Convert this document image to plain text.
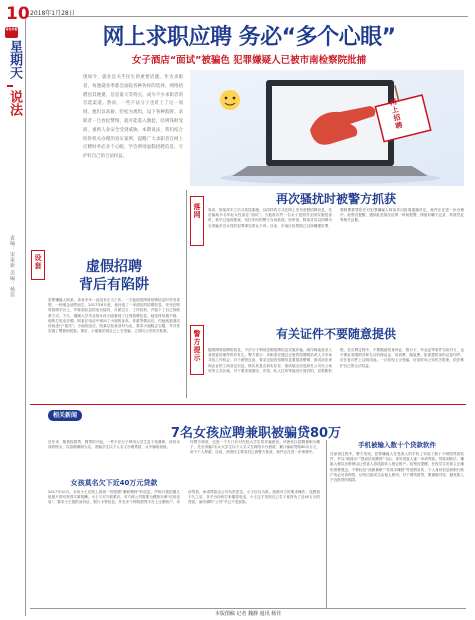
10 2018年1月28日
青岛早报
星期天
说法
责编：宋家新 美编：杨佳
网上求职应聘 务必“多个心眼”
女子酒店“面试”被骗色 犯罪嫌疑人已被市南检察院批捕
现如今，就业是关乎民生的重要话题。作为求职者，每逢就业季都会面临各种各样的选择。网络招聘因其便捷、信息量大等特点，成为不少求职者的首选渠道。然而，一些不法分子也盯上了这一领域，他们以高薪、轻松为诱饵，设下各种陷阱。求职者一旦放松警惕，就可能落入圈套，轻则钱财受损，重则人身安全受到威胁。本期说法，我们结合检察机关办理的真实案例，提醒广大求职者在网上应聘时务必多个心眼，学会辨别虚假招聘信息，守护好自己的合法权益。
网上招聘
落网
再次骚扰时被警方抓获
原来，阿某得手之后又故技重施，以同样的方式在网上发布虚假招聘信息，先后骗取多名年轻女性前往“面试”。当他再次约一名女子见面并企图实施侵害时，被早已接到报案、布控多时的警方当场抓获。经审查，阿某对其以招聘为名诱骗多名女性的犯罪事实供认不讳。目前，市南区检察院已以涉嫌强奸罪、强制猥亵罪依法对犯罪嫌疑人阿某作出批准逮捕决定，案件正在进一步办理中。检察官提醒，遇到此类情况应第一时间报警，保留好聊天记录、转账凭证等相关证据。
设套	虚假招聘
背后有陷阱
犯罪嫌疑人阿某，单身多年一直没有正当工作。一天他浏览网络招聘信息时突发奇想，一种邪念油然而生。2017年6月底，他伪造了一家酒店的招聘信息，发布在网络招聘平台上，声称酒店急招前台接待，月薪过万，工作轻松，并留下了自己的联系方式。不久，刚刚大学毕业的女孩小丽看到了这则招聘信息，她觉得待遇不错，便拨打电话应聘。阿某在电话中询问了小丽的身高、体重等情况后，约她到某酒店房间进行“面试”。小丽到达后，阿某以检查身材为由，要求小丽脱去衣服，并对其实施了猥亵和侵害。事后，小丽意识到自己上当受骗，立即向公安机关报案。	警方提示	有关证件不要随意提供
随着网络招聘的普及，不法分子利用虚假招聘信息实施诈骗、敲诈勒索甚至人身侵害的案件时有发生。警方提示：求职者应通过正规的招聘网站或人才市场寻找工作机会，对于薪资过高、要求过低的招聘信息要提高警惕；面试前应查询企业的工商登记信息，核实其是否真实存在；面试地点应选择在公司办公场所等公共区域，对于要求到酒店、宾馆、私人住所等地进行面试的，应果断拒绝；在应聘过程中，不要随意将身份证、银行卡、毕业证等原件交给对方，也不要轻易缴纳各种名目的保证金、培训费、服装费；如需提供身份证复印件，应在复印件上注明用途。一旦发现上当受骗，应及时向公安机关报案，依法维护自己的合法权益。
相关新闻
7名女孩应聘兼职被骗贷80万
近年来，随着校园贷、网贷的兴起，一些不法分子利用大学生急于找兼职、涉世未深的特点，以招聘兼职为名，诱骗学生以个人名义办理贷款，从中骗取钱财。
女孩莫名欠下近40万元贷款
2017年10月，女孩小王在网上看到一则招聘“兼职模特”的信息，声称只需拍摄几组照片即可获得丰厚报酬。小王与对方联系后，对方称公司需要为模特办理“信用包装”，要求小王提供身份证、银行卡等信息，并在多个网络借贷平台上注册账户、申请贷款，承诺贷款由公司负责偿还。小王信以为真，按照对方的要求操作。没想到不久之后，各平台纷纷打来催款电话，小王这才发现自己名下竟背负了近40万元的贷款，而所谓的“公司”早已不见踪影。
经警方调查，这是一个专门针对在校大学生的诈骗团伙。该团伙以招聘兼职为幌子，先后诱骗7名女大学生以个人名义在网络平台借款，累计骗取贷款80余万元，用于个人挥霍。目前，该团伙主要成员已被警方抓获，案件正在进一步审理中。
手机被输入数十个贷款软件
在侦查过程中，警方发现，犯罪嫌疑人在受害人的手机上安装了数十个网络贷款软件，并以“刷流水”“提高信用额度”为由，诱导受害人逐一申请贷款。贷款到账后，嫌疑人便以各种理由让受害人将钱款转入指定账户。检察官提醒，在校学生应树立正确的消费观念，不要轻信“高薪兼职”“零成本赚钱”等虚假宣传；个人身份信息和银行账户务必妥善保管，切勿出借或交由他人使用；对于网络借贷，要谨慎对待，避免陷入不良借贷的陷阱。
本版图稿 记者 魏静 通讯 杨佳
